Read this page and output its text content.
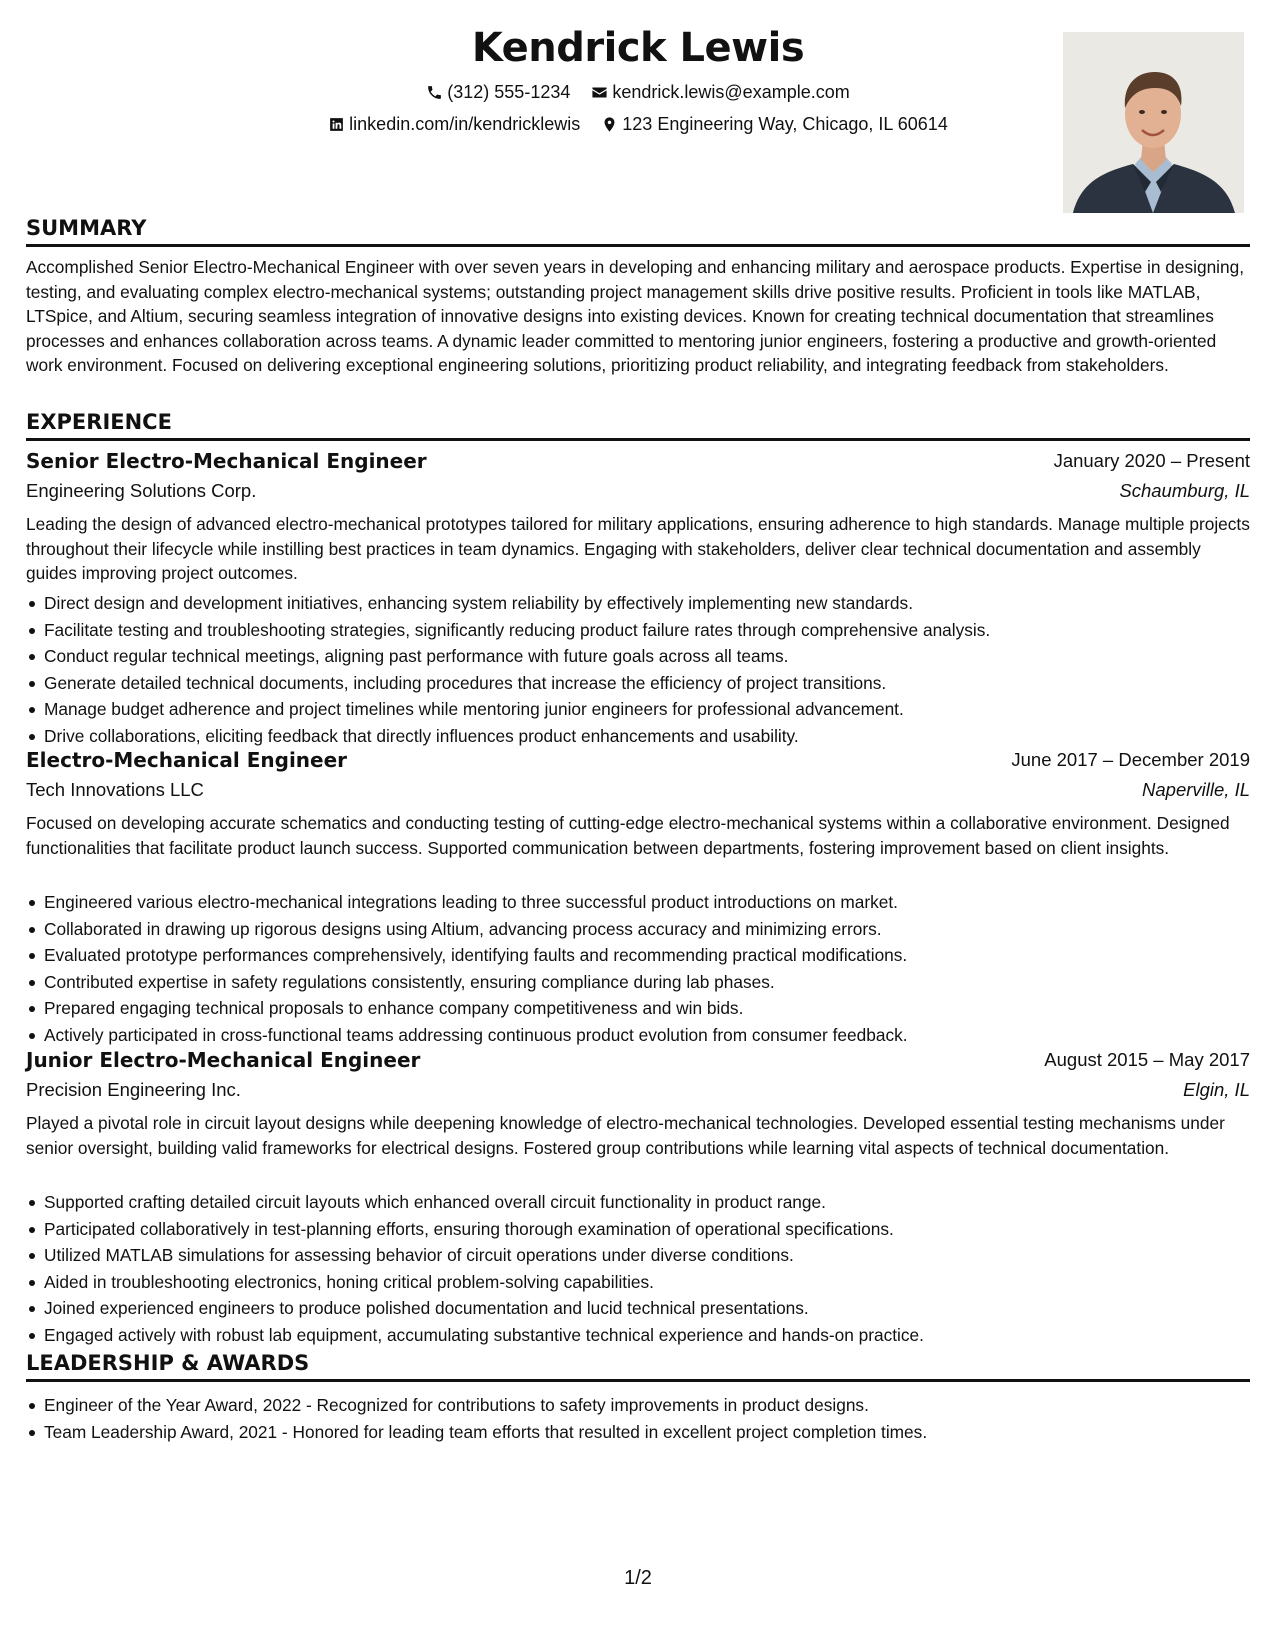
Kendrick Lewis
(312) 555-1234
kendrick.lewis@example.com
linkedin.com/in/kendricklewis
123 Engineering Way, Chicago, IL 60614
SUMMARY

Accomplished Senior Electro-Mechanical Engineer with over seven years in developing and enhancing military and aerospace products. Expertise in designing, testing, and evaluating complex electro-mechanical systems; outstanding project management skills drive positive results. Proficient in tools like MATLAB, LTSpice, and Altium, securing seamless integration of innovative designs into existing devices. Known for creating technical documentation that streamlines processes and enhances collaboration across teams. A dynamic leader committed to mentoring junior engineers, fostering a productive and growth-oriented work environment. Focused on delivering exceptional engineering solutions, prioritizing product reliability, and integrating feedback from stakeholders.

EXPERIENCE
Senior Electro-Mechanical Engineer	January 2020 – Present
Engineering Solutions Corp.	Schaumburg, IL

Leading the design of advanced electro-mechanical prototypes tailored for military applications, ensuring adherence to high standards. Manage multiple projects throughout their lifecycle while instilling best practices in team dynamics. Engaging with stakeholders, deliver clear technical documentation and assembly guides improving project outcomes.

Direct design and development initiatives, enhancing system reliability by effectively implementing new standards.
Facilitate testing and troubleshooting strategies, significantly reducing product failure rates through comprehensive analysis.
Conduct regular technical meetings, aligning past performance with future goals across all teams.
Generate detailed technical documents, including procedures that increase the efficiency of project transitions.
Manage budget adherence and project timelines while mentoring junior engineers for professional advancement.
Drive collaborations, eliciting feedback that directly influences product enhancements and usability.
Electro-Mechanical Engineer	June 2017 – December 2019
Tech Innovations LLC	Naperville, IL

Focused on developing accurate schematics and conducting testing of cutting-edge electro-mechanical systems within a collaborative environment. Designed functionalities that facilitate product launch success. Supported communication between departments, fostering improvement based on client insights.

Engineered various electro-mechanical integrations leading to three successful product introductions on market.
Collaborated in drawing up rigorous designs using Altium, advancing process accuracy and minimizing errors.
Evaluated prototype performances comprehensively, identifying faults and recommending practical modifications.
Contributed expertise in safety regulations consistently, ensuring compliance during lab phases.
Prepared engaging technical proposals to enhance company competitiveness and win bids.
Actively participated in cross-functional teams addressing continuous product evolution from consumer feedback.
Junior Electro-Mechanical Engineer	August 2015 – May 2017
Precision Engineering Inc.	Elgin, IL

Played a pivotal role in circuit layout designs while deepening knowledge of electro-mechanical technologies. Developed essential testing mechanisms under senior oversight, building valid frameworks for electrical designs. Fostered group contributions while learning vital aspects of technical documentation.

Supported crafting detailed circuit layouts which enhanced overall circuit functionality in product range.
Participated collaboratively in test-planning efforts, ensuring thorough examination of operational specifications.
Utilized MATLAB simulations for assessing behavior of circuit operations under diverse conditions.
Aided in troubleshooting electronics, honing critical problem-solving capabilities.
Joined experienced engineers to produce polished documentation and lucid technical presentations.
Engaged actively with robust lab equipment, accumulating substantive technical experience and hands-on practice.
LEADERSHIP & AWARDS
Engineer of the Year Award, 2022 - Recognized for contributions to safety improvements in product designs.
Team Leadership Award, 2021 - Honored for leading team efforts that resulted in excellent project completion times.
1/2
